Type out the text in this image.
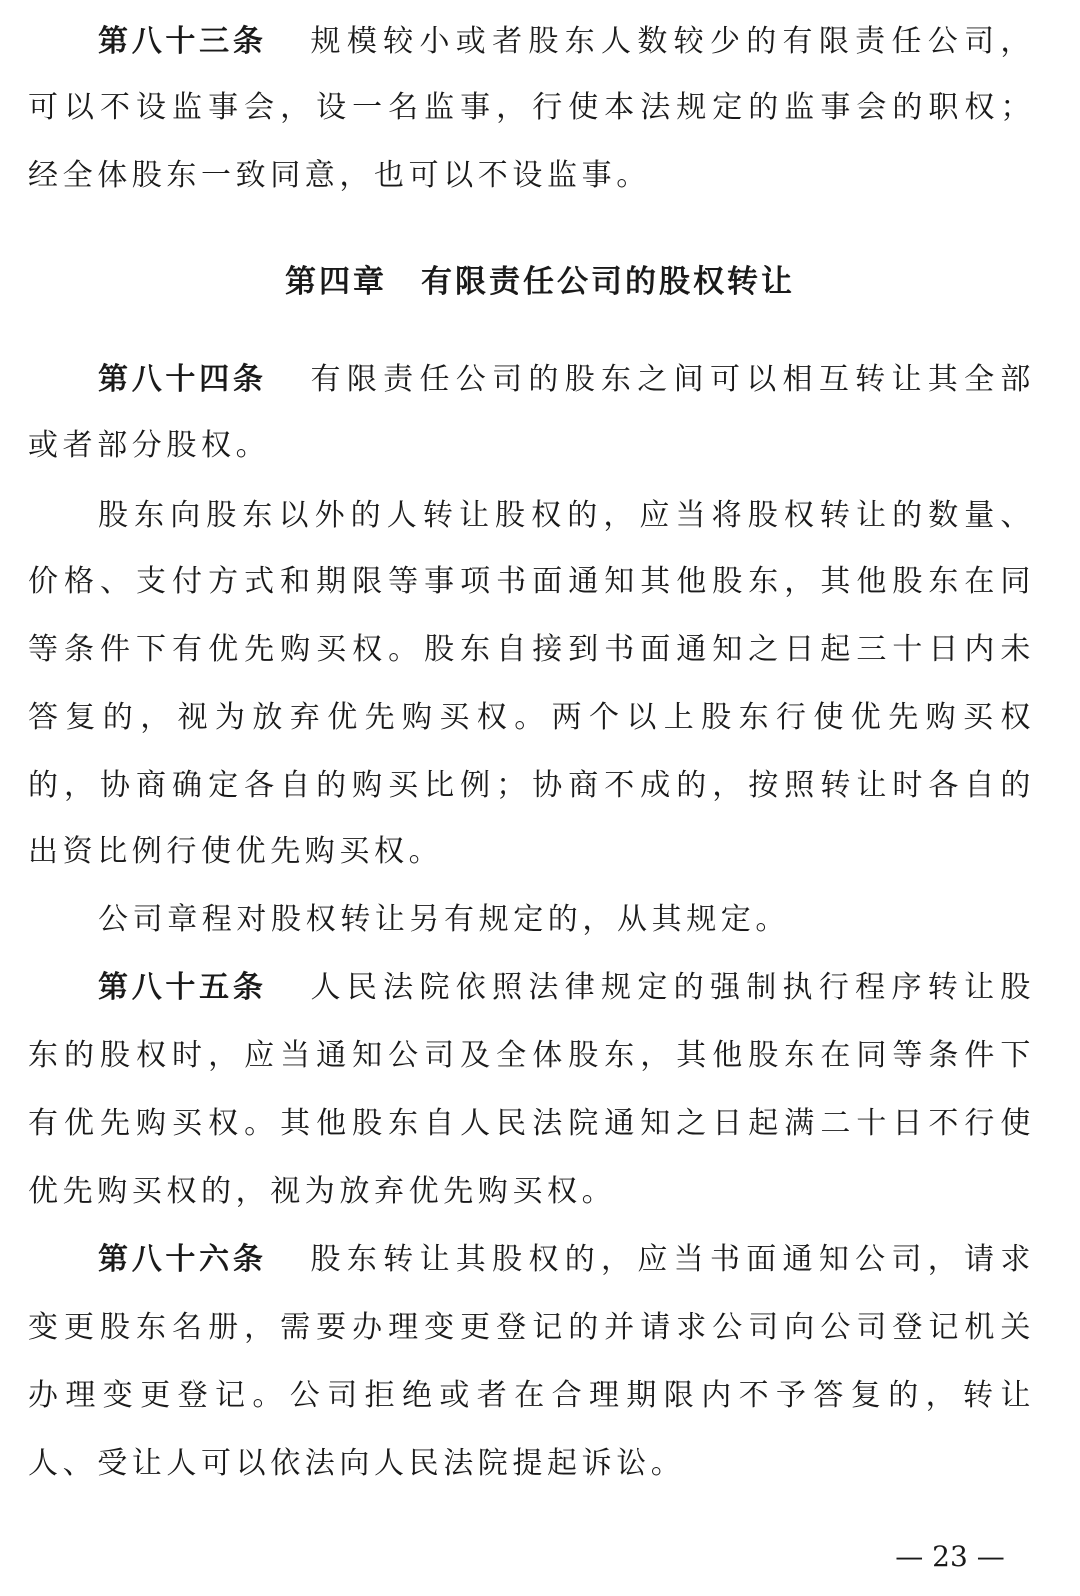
第四章　有限责任公司的股权转让
— 23 —
第八十三条 规模较小或者股东人数较少的有限责任公司，
可以不设监事会，设一名监事，行使本法规定的监事会的职权；
经全体股东一致同意，也可以不设监事。
第八十四条 有限责任公司的股东之间可以相互转让其全部
或者部分股权。
股东向股东以外的人转让股权的，应当将股权转让的数量、
价格、支付方式和期限等事项书面通知其他股东，其他股东在同
等条件下有优先购买权。股东自接到书面通知之日起三十日内未
答复的，视为放弃优先购买权。两个以上股东行使优先购买权
的，协商确定各自的购买比例；协商不成的，按照转让时各自的
出资比例行使优先购买权。
公司章程对股权转让另有规定的，从其规定。
第八十五条 人民法院依照法律规定的强制执行程序转让股
东的股权时，应当通知公司及全体股东，其他股东在同等条件下
有优先购买权。其他股东自人民法院通知之日起满二十日不行使
优先购买权的，视为放弃优先购买权。
第八十六条 股东转让其股权的，应当书面通知公司，请求
变更股东名册，需要办理变更登记的并请求公司向公司登记机关
办理变更登记。公司拒绝或者在合理期限内不予答复的，转让
人、受让人可以依法向人民法院提起诉讼。
